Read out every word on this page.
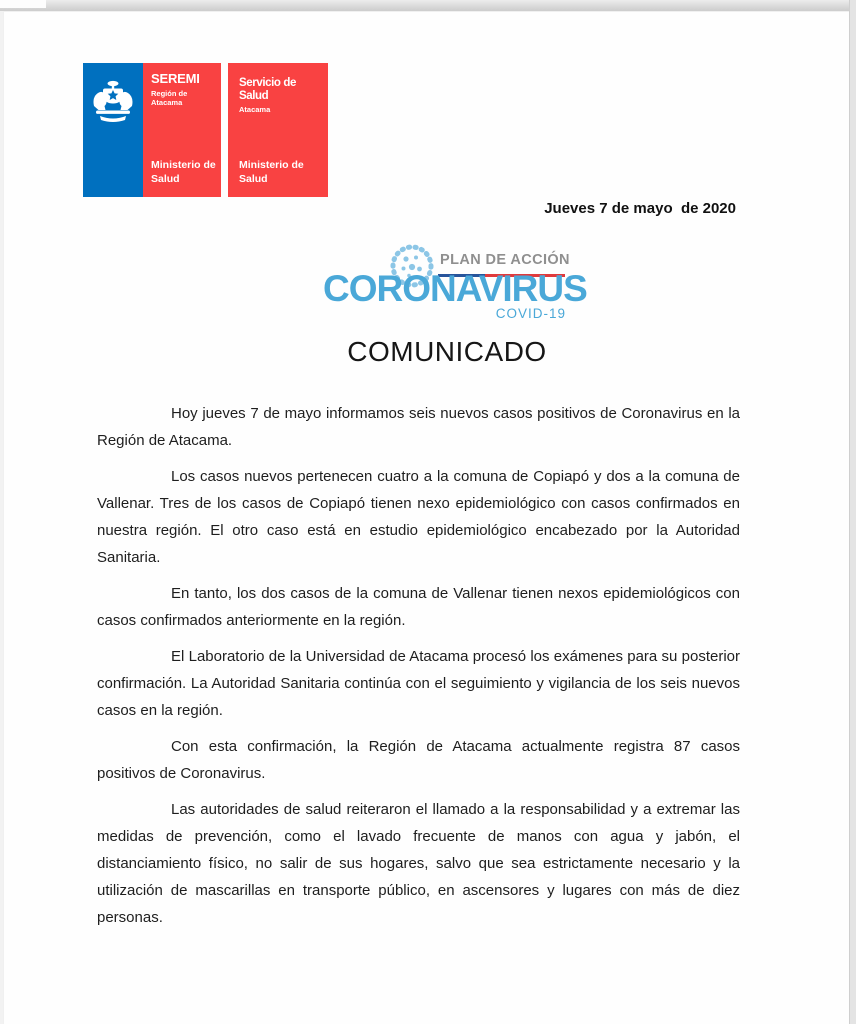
SEREMI
Región de Atacama
Ministerio de
Salud
Servicio de Salud
Atacama
Ministerio de
Salud
Jueves 7 de mayo  de 2020
PLAN DE ACCIÓN
CORONAVIRUS
COVID-19
COMUNICADO

Hoy jueves 7 de mayo informamos seis nuevos casos positivos de Coronavirus en la Región de Atacama.

Los casos nuevos pertenecen cuatro a la comuna de Copiapó y dos a la comuna de Vallenar. Tres de los casos de Copiapó tienen nexo epidemiológico con casos confirmados en nuestra región. El otro caso está en estudio epidemiológico encabezado por la Autoridad Sanitaria.

En tanto, los dos casos de la comuna de Vallenar tienen nexos epidemiológicos con casos confirmados anteriormente en la región.

El Laboratorio de la Universidad de Atacama procesó los exámenes para su posterior confirmación. La Autoridad Sanitaria continúa con el seguimiento y vigilancia de los seis nuevos casos en la región.

Con esta confirmación, la Región de Atacama actualmente registra 87 casos positivos de Coronavirus.

Las autoridades de salud reiteraron el llamado a la responsabilidad y a extremar las medidas de prevención, como el lavado frecuente de manos con agua y jabón, el distanciamiento físico, no salir de sus hogares, salvo que sea estrictamente necesario y la utilización de mascarillas en transporte público, en ascensores y lugares con más de diez personas.
